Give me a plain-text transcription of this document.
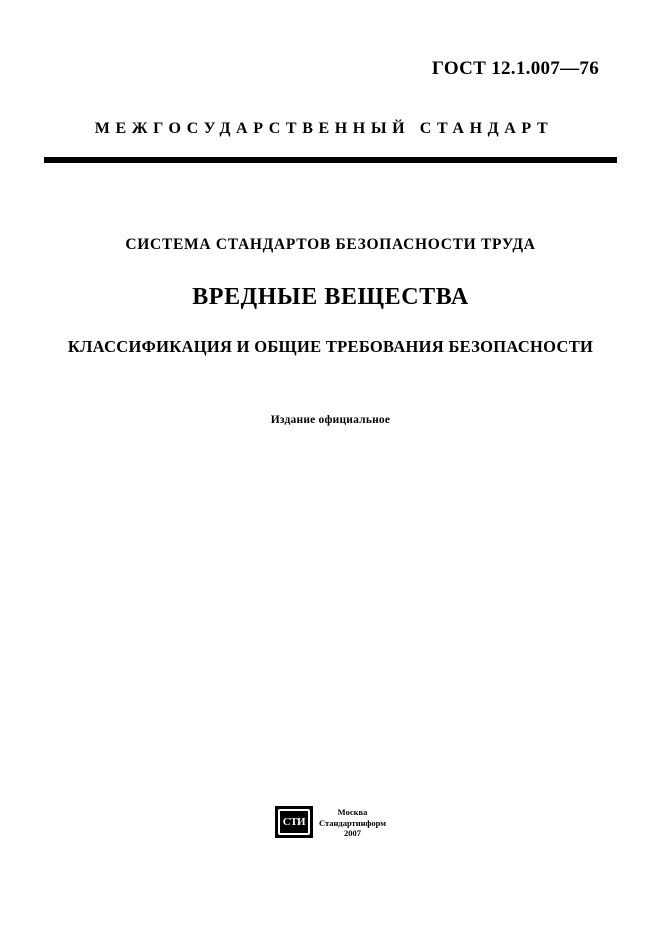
ГОСТ 12.1.007—76
МЕЖГОСУДАРСТВЕННЫЙ СТАНДАРТ
СИСТЕМА СТАНДАРТОВ БЕЗОПАСНОСТИ ТРУДА
ВРЕДНЫЕ ВЕЩЕСТВА
КЛАССИФИКАЦИЯ И ОБЩИЕ ТРЕБОВАНИЯ БЕЗОПАСНОСТИ
Издание официальное
СТИ
Москва
Стандартинформ
2007
